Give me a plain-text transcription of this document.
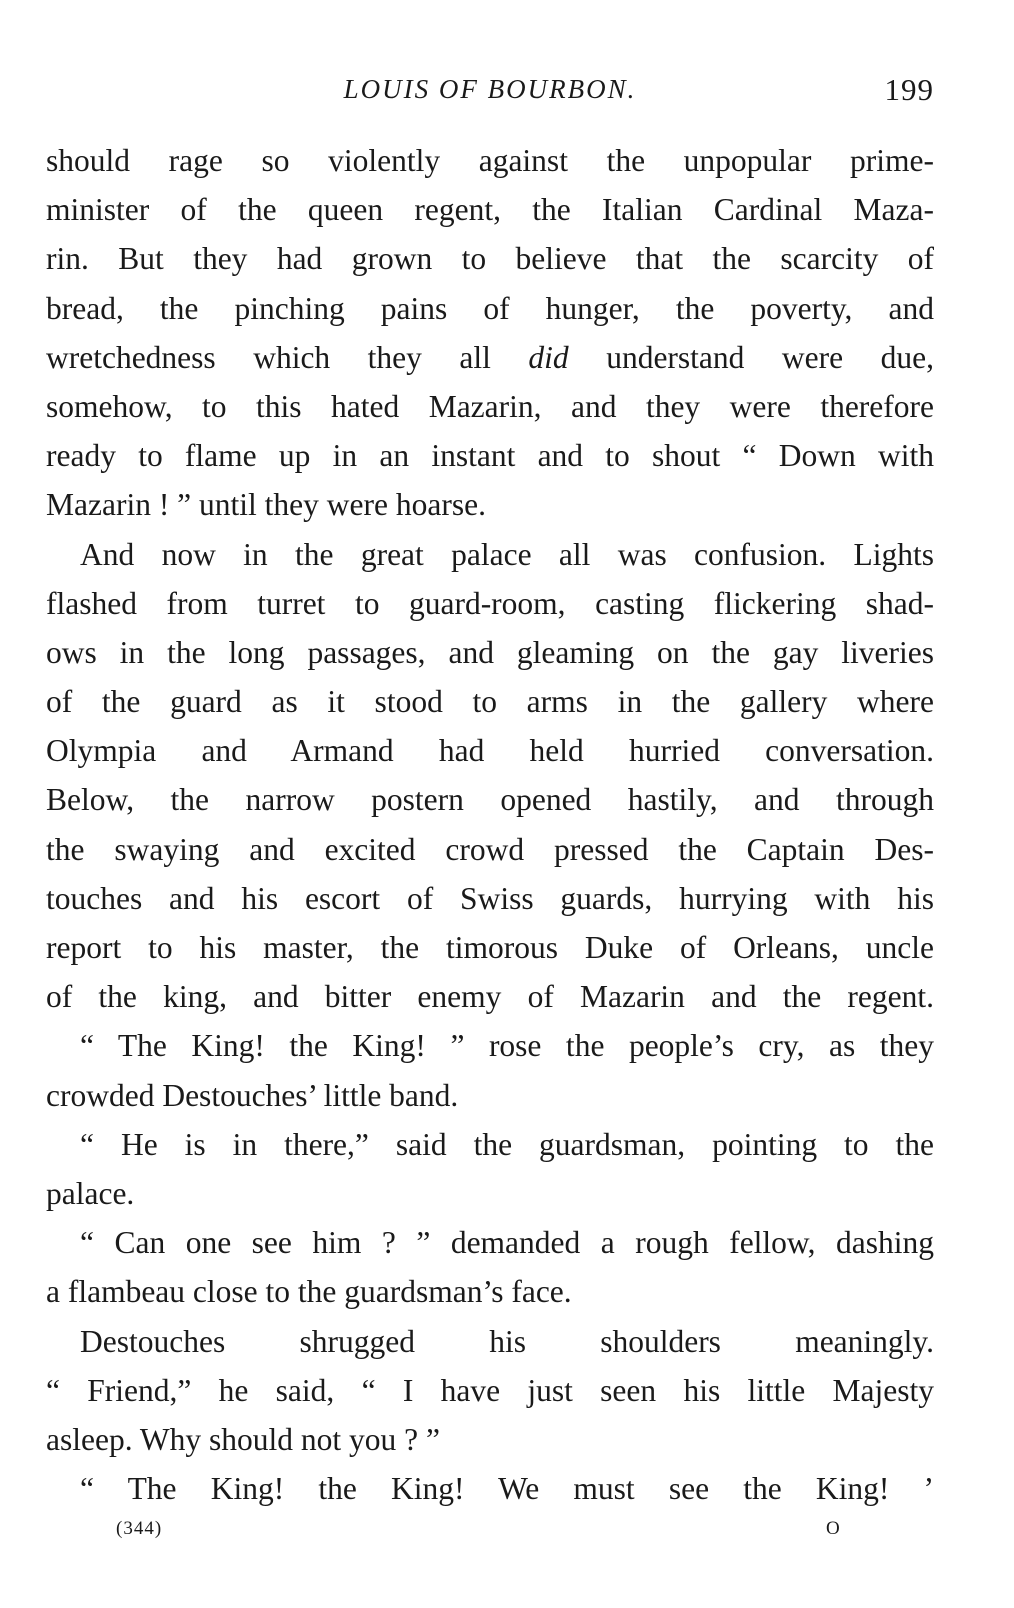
LOUIS OF BOURBON.	199
should rage so violently against the unpopular prime-
minister of the queen regent, the Italian Cardinal Maza-
rin. But they had grown to believe that the scarcity of
bread, the pinching pains of hunger, the poverty, and
wretchedness which they all did understand were due,
somehow, to this hated Mazarin, and they were therefore
ready to flame up in an instant and to shout “ Down with
Mazarin ! ” until they were hoarse.
And now in the great palace all was confusion. Lights
flashed from turret to guard-room, casting flickering shad-
ows in the long passages, and gleaming on the gay liveries
of the guard as it stood to arms in the gallery where
Olympia and Armand had held hurried conversation.
Below, the narrow postern opened hastily, and through
the swaying and excited crowd pressed the Captain Des-
touches and his escort of Swiss guards, hurrying with his
report to his master, the timorous Duke of Orleans, uncle
of the king, and bitter enemy of Mazarin and the regent.
“ The King! the King! ” rose the people’s cry, as they
crowded Destouches’ little band.
“ He is in there,” said the guardsman, pointing to the
palace.
“ Can one see him ? ” demanded a rough fellow, dashing
a flambeau close to the guardsman’s face.
Destouches shrugged his shoulders meaningly.
“ Friend,” he said, “ I have just seen his little Majesty
asleep. Why should not you ? ”
“ The King! the King! We must see the King! ’
(344)	O
